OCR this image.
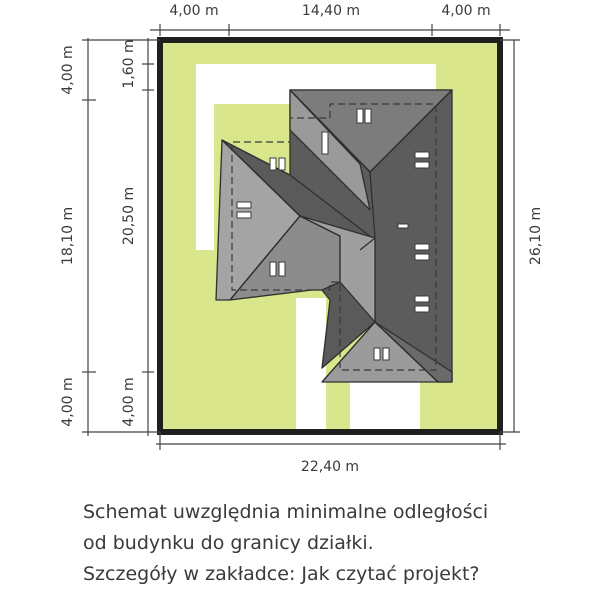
4,00 m	14,40 m	4,00 m
4,00 m
18,10 m
4,00 m
1,60 m
20,50 m
4,00 m
26,10 m
22,40 m
Schemat uwzględnia minimalne odległości
od budynku do granicy działki.
Szczegóły w zakładce: Jak czytać projekt?
